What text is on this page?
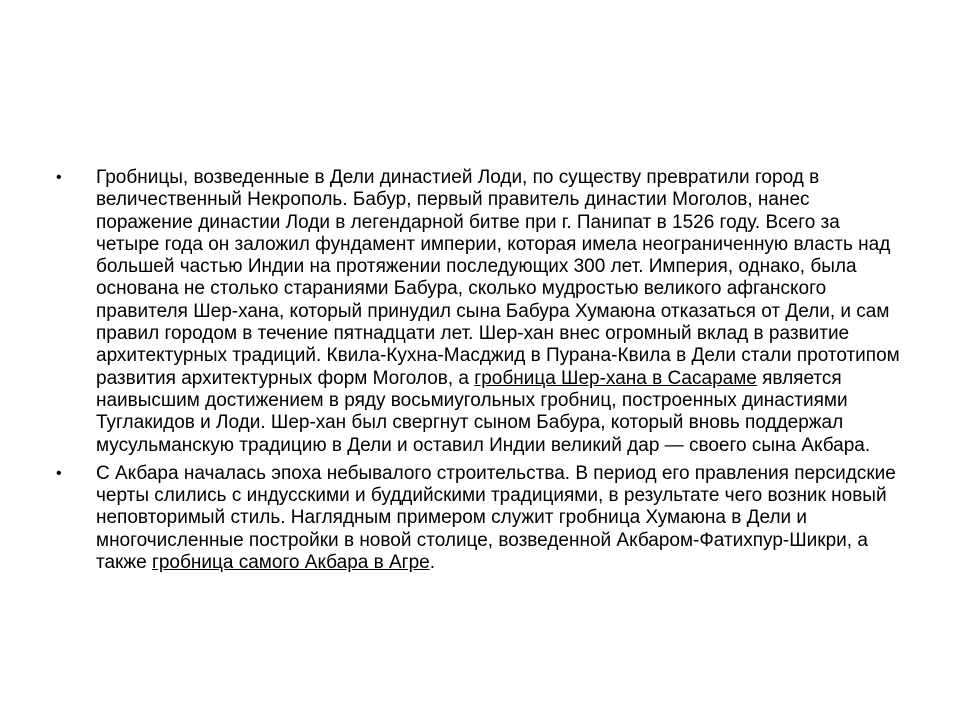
• Гробницы, возведенные в Дели династией Лоди, по существу превратили город в величественный Некрополь. Бабур, первый правитель династии Моголов, нанес поражение династии Лоди в легендарной битве при г. Панипат в 1526 году. Всего за четыре года он заложил фундамент империи, которая имела неограниченную власть над большей частью Индии на протяжении последующих 300 лет. Империя, однако, была основана не столько стараниями Бабура, сколько мудростью великого афганского правителя Шер-хана, который принудил сына Бабура Хумаюна отказаться от Дели, и сам правил городом в течение пятнадцати лет. Шер-хан внес огромный вклад в развитие архитектурных традиций. Квила-Кухна-Масджид в Пурана-Квила в Дели стали прототипом развития архитектурных форм Моголов, а гробница Шер-хана в Сасараме является наивысшим достижением в ряду восьмиугольных гробниц, построенных династиями Туглакидов и Лоди. Шер-хан был свергнут сыном Бабура, который вновь поддержал мусульманскую традицию в Дели и оставил Индии великий дар — своего сына Акбара.
• С Акбара началась эпоха небывалого строительства. В период его правления персидские черты слились с индусскими и буддийскими традициями, в результате чего возник новый неповторимый стиль. Наглядным примером служит гробница Хумаюна в Дели и многочисленные постройки в новой столице, возведенной Акбаром-Фатихпур-Шикри, а также гробница самого Акбара в Агре.
